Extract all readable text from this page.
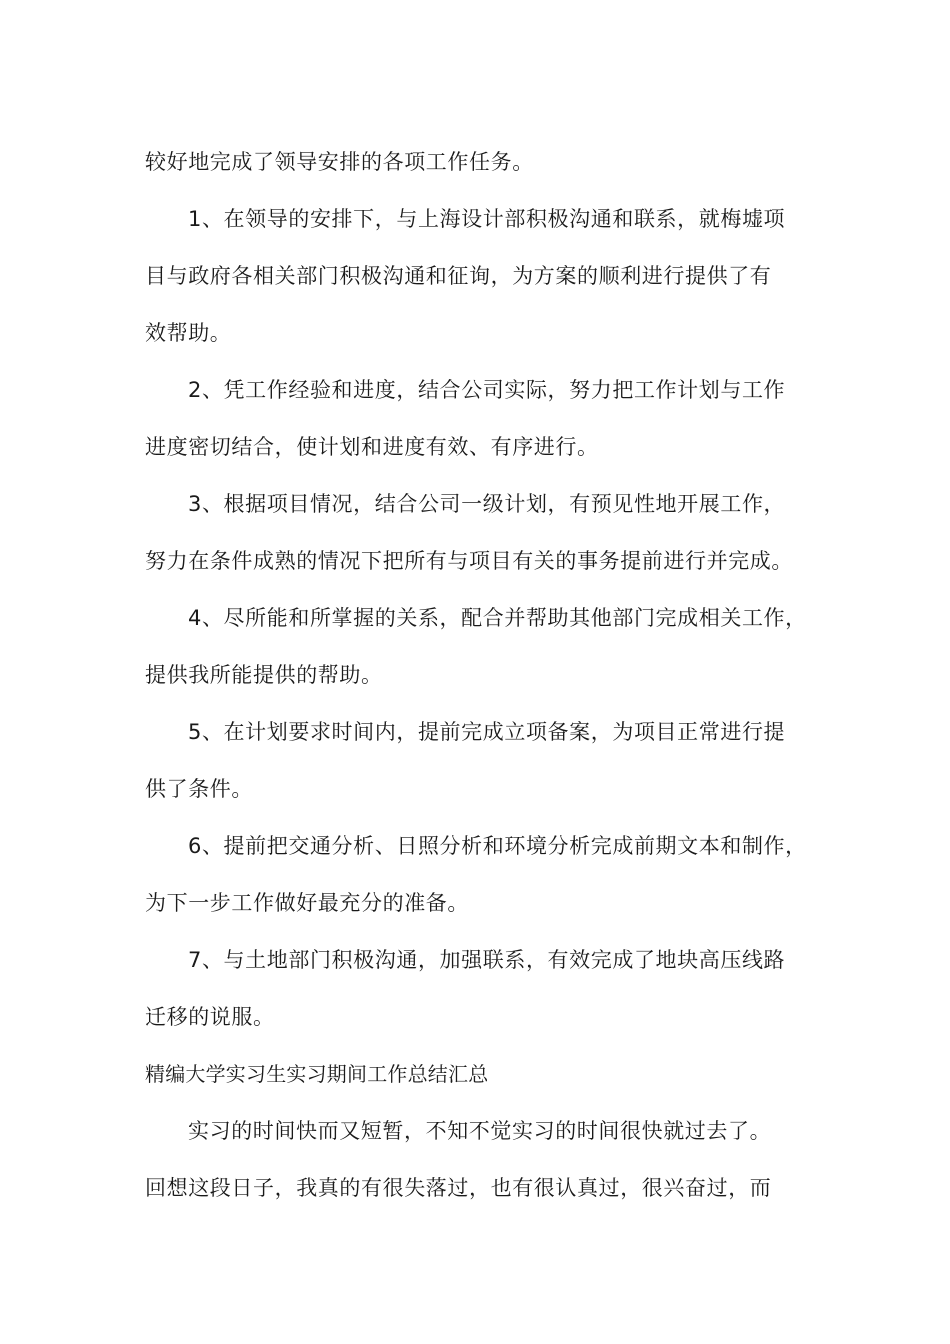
较好地完成了领导安排的各项工作任务。

1、在领导的安排下，与上海设计部积极沟通和联系，就梅墟项

目与政府各相关部门积极沟通和征询，为方案的顺利进行提供了有

效帮助。

2、凭工作经验和进度，结合公司实际，努力把工作计划与工作

进度密切结合，使计划和进度有效、有序进行。

3、根据项目情况，结合公司一级计划，有预见性地开展工作，

努力在条件成熟的情况下把所有与项目有关的事务提前进行并完成。

4、尽所能和所掌握的关系，配合并帮助其他部门完成相关工作，

提供我所能提供的帮助。

5、在计划要求时间内，提前完成立项备案，为项目正常进行提

供了条件。

6、提前把交通分析、日照分析和环境分析完成前期文本和制作，

为下一步工作做好最充分的准备。

7、与土地部门积极沟通，加强联系，有效完成了地块高压线路

迁移的说服。

精编大学实习生实习期间工作总结汇总

实习的时间快而又短暂，不知不觉实习的时间很快就过去了。

回想这段日子，我真的有很失落过，也有很认真过，很兴奋过，而
